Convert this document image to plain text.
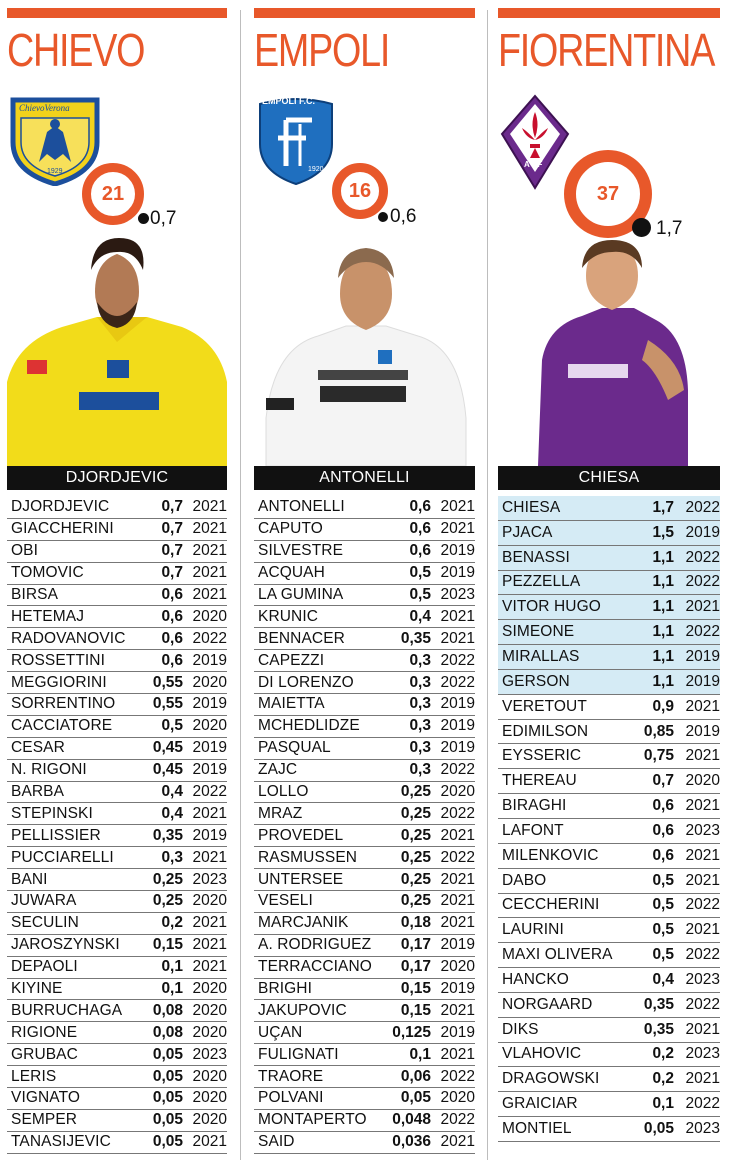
CHIEVO
ChievoVerona
1929
21
0,7
DJORDJEVIC
DJORDJEVIC	0,7 2021
GIACCHERINI	0,7 2021
OBI	0,7 2021
TOMOVIC	0,7 2021
BIRSA	0,6 2021
HETEMAJ	0,6 2020
RADOVANOVIC	0,6 2022
ROSSETTINI	0,6 2019
MEGGIORINI	0,55 2020
SORRENTINO	0,55 2019
CACCIATORE	0,5 2020
CESAR	0,45 2019
N. RIGONI	0,45 2019
BARBA	0,4 2022
STEPINSKI	0,4 2021
PELLISSIER	0,35 2019
PUCCIARELLI	0,3 2021
BANI	0,25 2023
JUWARA	0,25 2020
SECULIN	0,2 2021
JAROSZYNSKI	0,15 2021
DEPAOLI	0,1 2021
KIYINE	0,1 2020
BURRUCHAGA	0,08 2020
RIGIONE	0,08 2020
GRUBAC	0,05 2023
LERIS	0,05 2020
VIGNATO	0,05 2020
SEMPER	0,05 2020
TANASIJEVIC	0,05 2021
EMPOLI
EMPOLI F.C.
1920
16
0,6
ANTONELLI
ANTONELLI	0,6 2021
CAPUTO	0,6 2021
SILVESTRE	0,6 2019
ACQUAH	0,5 2019
LA GUMINA	0,5 2023
KRUNIC	0,4 2021
BENNACER	0,35 2021
CAPEZZI	0,3 2022
DI LORENZO	0,3 2022
MAIETTA	0,3 2019
MCHEDLIDZE	0,3 2019
PASQUAL	0,3 2019
ZAJC	0,3 2022
LOLLO	0,25 2020
MRAZ	0,25 2022
PROVEDEL	0,25 2021
RASMUSSEN	0,25 2022
UNTERSEE	0,25 2021
VESELI	0,25 2021
MARCJANIK	0,18 2021
A. RODRIGUEZ	0,17 2019
TERRACCIANO	0,17 2020
BRIGHI	0,15 2019
JAKUPOVIC	0,15 2021
UÇAN	0,125 2019
FULIGNATI	0,1 2021
TRAORE	0,06 2022
POLVANI	0,05 2020
MONTAPERTO	0,048 2022
SAID	0,036 2021
FIORENTINA
ACF
37
1,7
CHIESA
CHIESA	1,7 2022
PJACA	1,5 2019
BENASSI	1,1 2022
PEZZELLA	1,1 2022
VITOR HUGO	1,1 2021
SIMEONE	1,1 2022
MIRALLAS	1,1 2019
GERSON	1,1 2019
VERETOUT	0,9 2021
EDIMILSON	0,85 2019
EYSSERIC	0,75 2021
THEREAU	0,7 2020
BIRAGHI	0,6 2021
LAFONT	0,6 2023
MILENKOVIC	0,6 2021
DABO	0,5 2021
CECCHERINI	0,5 2022
LAURINI	0,5 2021
MAXI OLIVERA	0,5 2022
HANCKO	0,4 2023
NORGAARD	0,35 2022
DIKS	0,35 2021
VLAHOVIC	0,2 2023
DRAGOWSKI	0,2 2021
GRAICIAR	0,1 2022
MONTIEL	0,05 2023
